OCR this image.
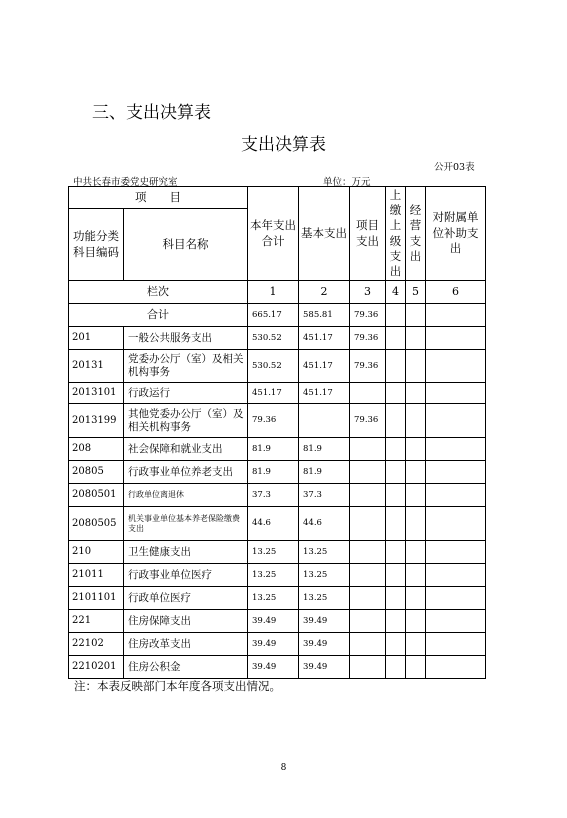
三、支出决算表
支出决算表
公开03表
中共长春市委党史研究室	单位：万元
项　　目		本年支出合计	基本支出	项目支出	上缴上级支出	经营支出	对附属单位补助支出
功能分类科目编码	科目名称						
栏次		1	2	3	4	5	6
合计		665.17	585.81	79.36			
201	一般公共服务支出	530.52	451.17	79.36			
20131	党委办公厅（室）及相关机构事务	530.52	451.17	79.36			
2013101	行政运行	451.17	451.17				
2013199	其他党委办公厅（室）及相关机构事务	79.36		79.36			
208	社会保障和就业支出	81.9	81.9				
20805	行政事业单位养老支出	81.9	81.9				
2080501	行政单位离退休	37.3	37.3				
2080505	机关事业单位基本养老保险缴费支出	44.6	44.6				
210	卫生健康支出	13.25	13.25				
21011	行政事业单位医疗	13.25	13.25				
2101101	行政单位医疗	13.25	13.25				
221	住房保障支出	39.49	39.49				
22102	住房改革支出	39.49	39.49				
2210201	住房公积金	39.49	39.49				
注：本表反映部门本年度各项支出情况。
8
